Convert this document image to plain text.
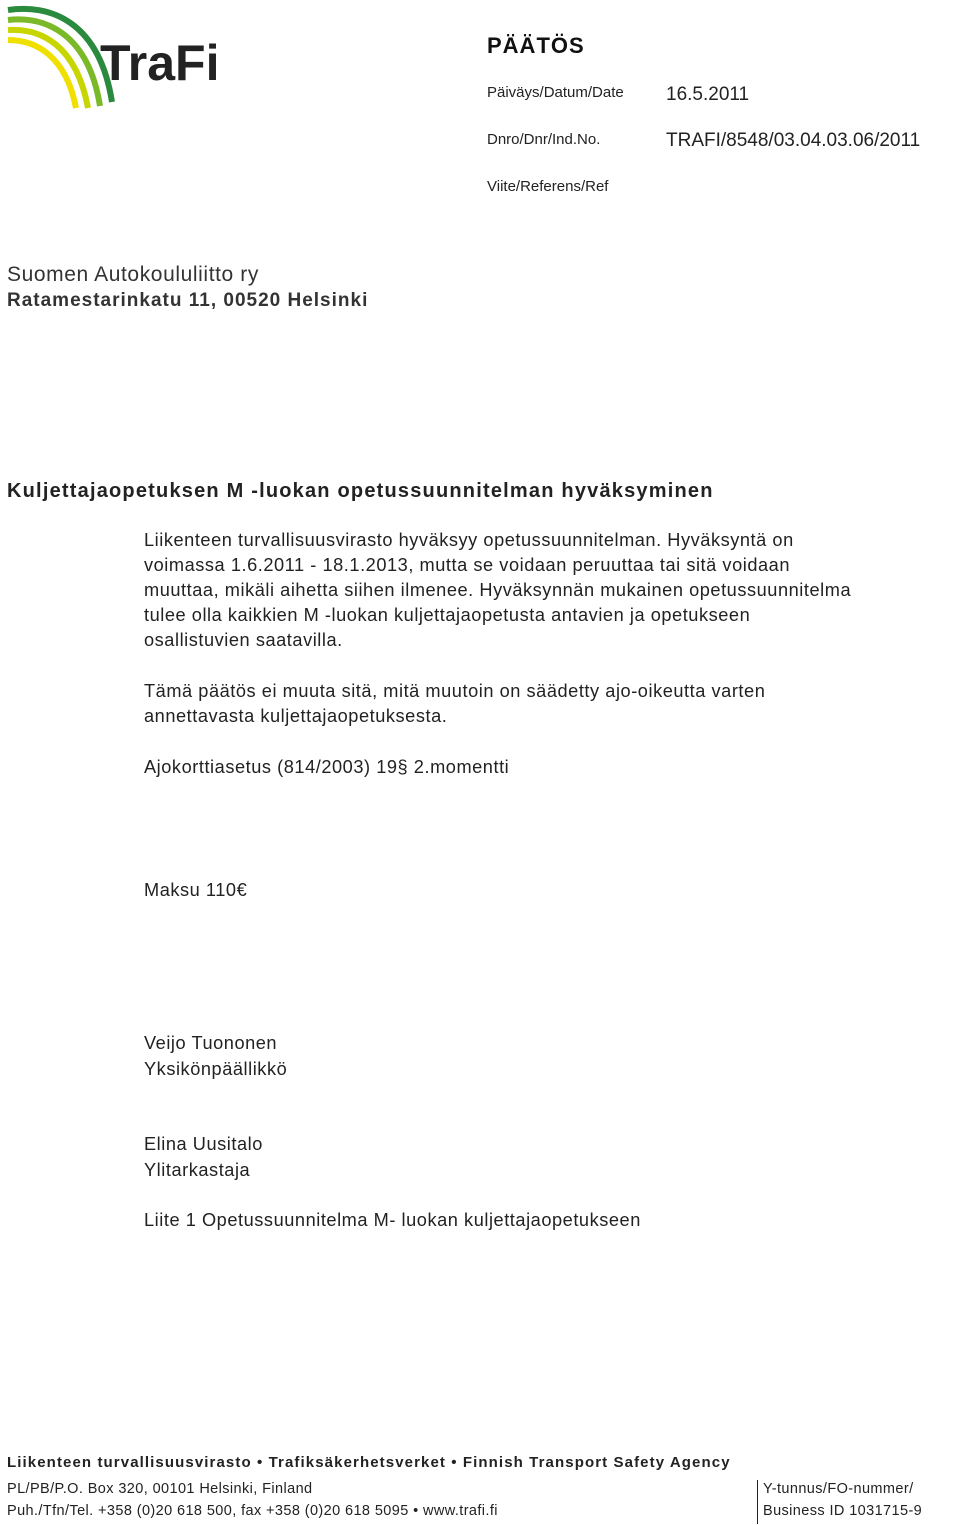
TraFi	PÄÄTÖS
Päiväys/Datum/Date 16.5.2011
Dnro/Dnr/Ind.No.	TRAFI/8548/03.04.03.06/2011
Viite/Referens/Ref
Suomen Autokoululiitto ry
Ratamestarinkatu 11, 00520 Helsinki
Kuljettajaopetuksen M -luokan opetussuunnitelman hyväksyminen
Liikenteen turvallisuusvirasto hyväksyy opetussuunnitelman. Hyväksyntä on
voimassa 1.6.2011 - 18.1.2013, mutta se voidaan peruuttaa tai sitä voidaan
muuttaa, mikäli aihetta siihen ilmenee. Hyväksynnän mukainen opetussuunnitelma
tulee olla kaikkien M -luokan kuljettajaopetusta antavien ja opetukseen
osallistuvien saatavilla.
Tämä päätös ei muuta sitä, mitä muutoin on säädetty ajo-oikeutta varten
annettavasta kuljettajaopetuksesta.
Ajokorttiasetus (814/2003) 19§ 2.momentti
Maksu 110€
Veijo Tuononen
Yksikönpäällikkö
Elina Uusitalo
Ylitarkastaja
Liite 1 Opetussuunnitelma M- luokan kuljettajaopetukseen
Liikenteen turvallisuusvirasto • Trafiksäkerhetsverket • Finnish Transport Safety Agency
PL/PB/P.O. Box 320, 00101 Helsinki, Finland
Puh./Tfn/Tel. +358 (0)20 618 500, fax +358 (0)20 618 5095 • www.trafi.fi
Y-tunnus/FO-nummer/
Business ID 1031715-9
